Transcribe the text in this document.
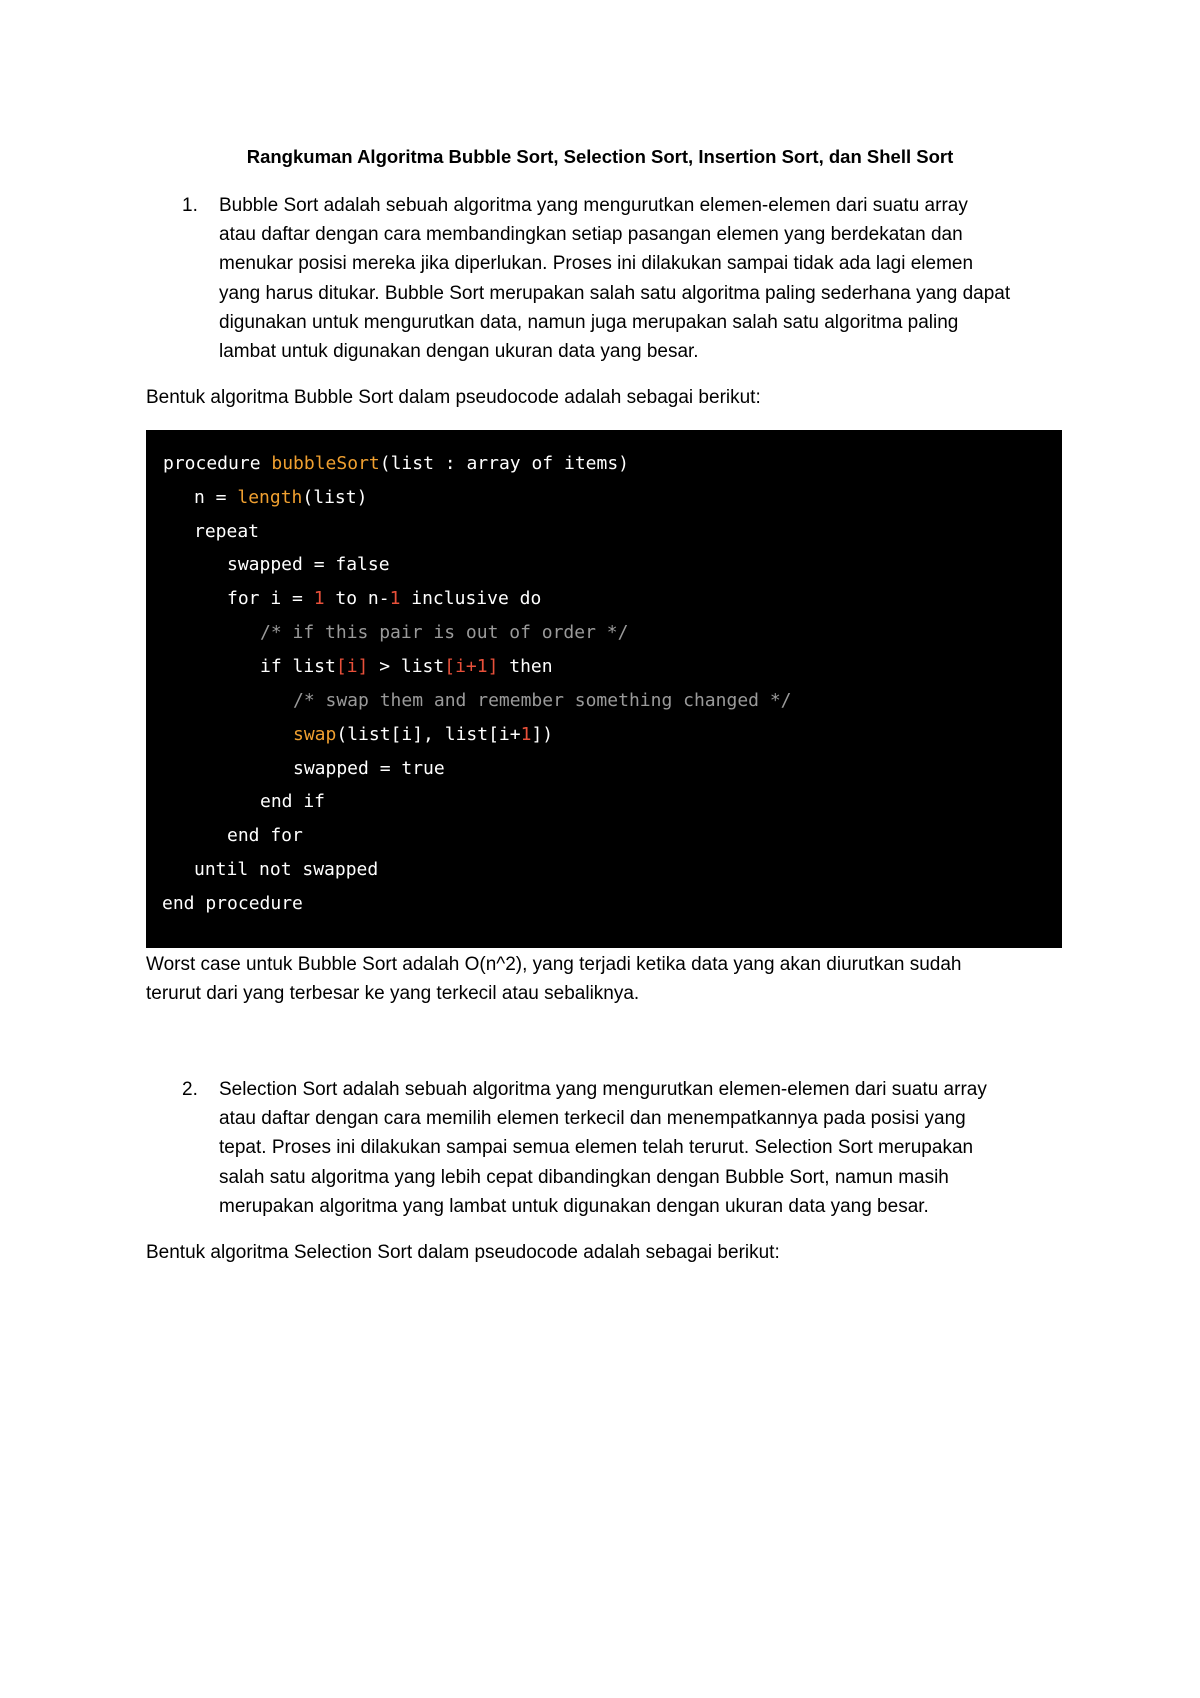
Rangkuman Algoritma Bubble Sort, Selection Sort, Insertion Sort, dan Shell Sort
1. Bubble Sort adalah sebuah algoritma yang mengurutkan elemen-elemen dari suatu array
atau daftar dengan cara membandingkan setiap pasangan elemen yang berdekatan dan
menukar posisi mereka jika diperlukan. Proses ini dilakukan sampai tidak ada lagi elemen
yang harus ditukar. Bubble Sort merupakan salah satu algoritma paling sederhana yang dapat
digunakan untuk mengurutkan data, namun juga merupakan salah satu algoritma paling
lambat untuk digunakan dengan ukuran data yang besar.
Bentuk algoritma Bubble Sort dalam pseudocode adalah sebagai berikut:
procedure bubbleSort(list : array of items)
n = length(list)
repeat
swapped = false
for i = 1 to n-1 inclusive do
/* if this pair is out of order */
if list[i] > list[i+1] then
/* swap them and remember something changed */
swap(list[i], list[i+1])
swapped = true
end if
end for
until not swapped
end procedure
Worst case untuk Bubble Sort adalah O(n^2), yang terjadi ketika data yang akan diurutkan sudah
terurut dari yang terbesar ke yang terkecil atau sebaliknya.
2. Selection Sort adalah sebuah algoritma yang mengurutkan elemen-elemen dari suatu array
atau daftar dengan cara memilih elemen terkecil dan menempatkannya pada posisi yang
tepat. Proses ini dilakukan sampai semua elemen telah terurut. Selection Sort merupakan
salah satu algoritma yang lebih cepat dibandingkan dengan Bubble Sort, namun masih
merupakan algoritma yang lambat untuk digunakan dengan ukuran data yang besar.
Bentuk algoritma Selection Sort dalam pseudocode adalah sebagai berikut:
